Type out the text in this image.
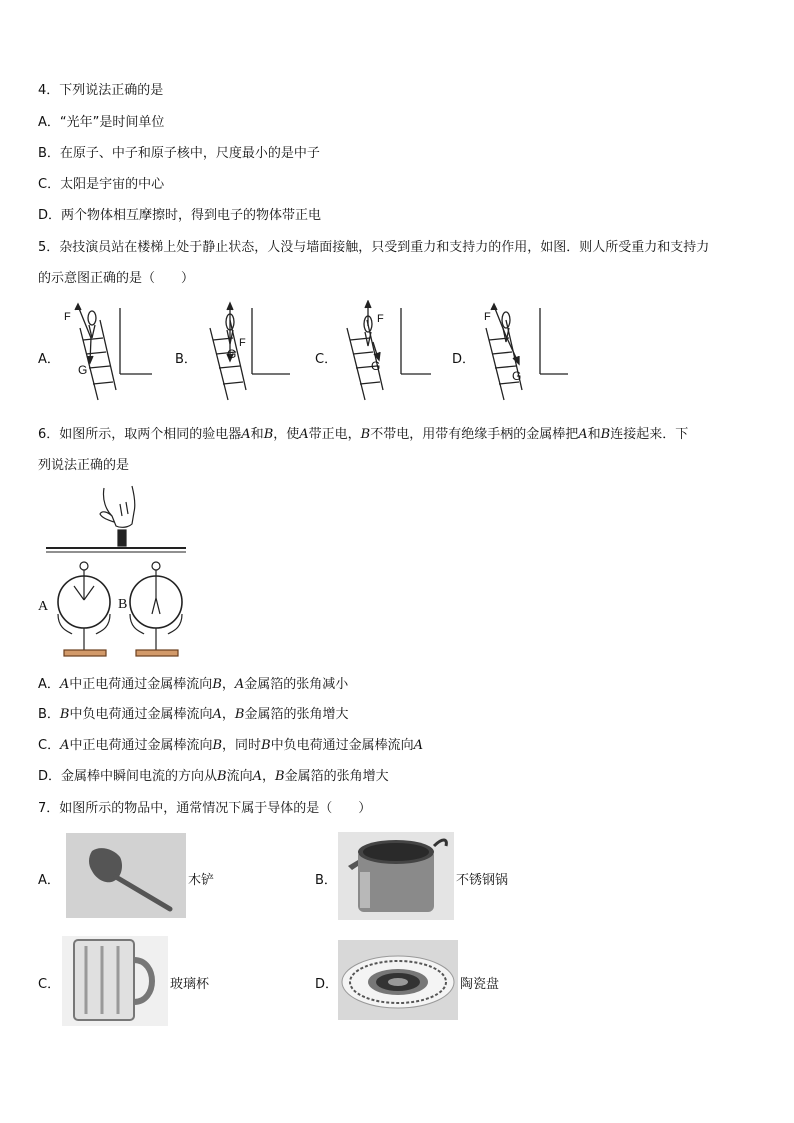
4．下列说法正确的是
A．“光年”是时间单位
B．在原子、中子和原子核中，尺度最小的是中子
C．太阳是宇宙的中心
D．两个物体相互摩擦时，得到电子的物体带正电
5．杂技演员站在楼梯上处于静止状态，人没与墙面接触，只受到重力和支持力的作用，如图．则人所受重力和支持力
的示意图正确的是（　　）
A．	B．	C．	D．
F
G
F
G
F
G
F
G
6．如图所示，取两个相同的验电器A和B，使A带正电，B不带电，用带有绝缘手柄的金属棒把A和B连接起来．下
列说法正确的是
A	B
A．A中正电荷通过金属棒流向B，A金属箔的张角减小
B．B中负电荷通过金属棒流向A，B金属箔的张角增大
C．A中正电荷通过金属棒流向B，同时B中负电荷通过金属棒流向A
D．金属棒中瞬间电流的方向从B流向A，B金属箔的张角增大
7．如图所示的物品中，通常情况下属于导体的是（　　）
A．	木铲	B．	不锈钢锅
C．	玻璃杯	D．	陶瓷盘
